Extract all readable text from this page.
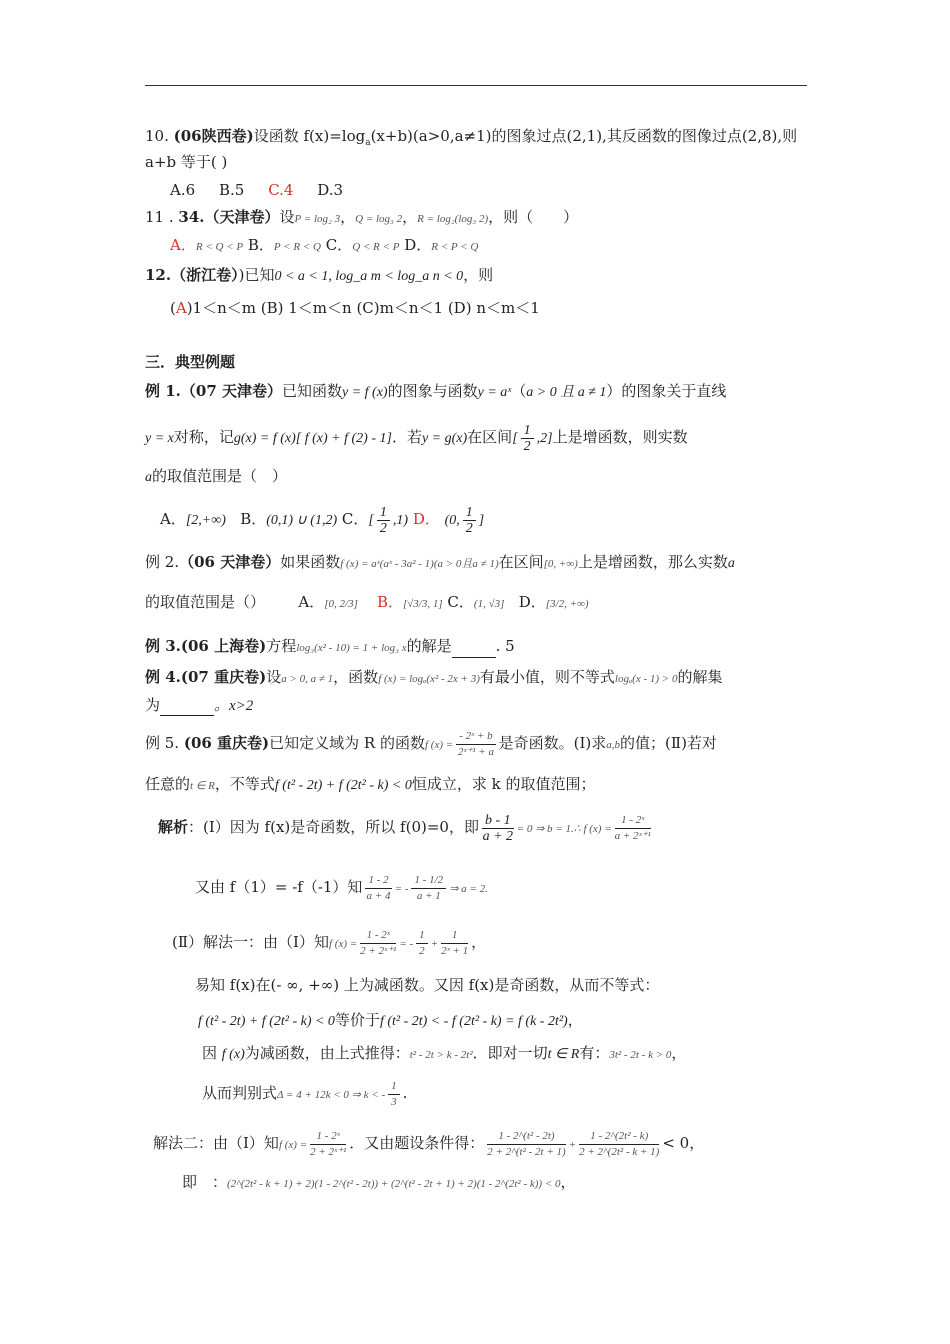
10. (06陕西卷)设函数 $f(x)=\log_a(x+b)(a>0,a\ne 1)$的图象过点(2,1),其反函数的图像过点(2,8),则
a+b 等于( )
A.6 B.5 C.4 D.3
11 . 34.（天津卷）设P = log₂ 3，Q = log₃ 2，R = log₂(log₃ 2)，则（　　）
A．R < Q < P B．P < R < Q C．Q < R < P D．R < P < Q
12.（浙江卷）)已知0 < a < 1, log_a m < log_a n < 0，则
(A)1＜n＜m (B) 1＜m＜n (C)m＜n＜1 (D) n＜m＜1
三．典型例题
例 1.（07 天津卷）已知函数y = f (x)的图象与函数y = aˣ（a > 0 且 a ≠ 1）的图象关于直线
y = x对称，记g(x) = f (x)[ f (x) + f (2) - 1]．若y = g(x)在区间[ $\frac{1}{2} ,2$]上是增函数，则实数
a的取值范围是（　）
A．[2,+∞) B．(0,1) ∪ (1,2) C．[ $\frac{1}{2} ,1$) D． (0, $\frac{1}{2}$ ]
例 2.（06 天津卷）如果函数f (x) = aˣ(aˣ - 3a² - 1)(a > 0且a ≠ 1)在区间[0, +∞)上是增函数，那么实数a
的取值范围是（） A．[0, 2/3] B．[√3/3, 1] C．(1, √3] D．[3/2, +∞)
例 3.(06 上海卷)方程log₃(x² - 10) = 1 + log₃ x的解是	. 5
例 4.(07 重庆卷)设a > 0, a ≠ 1，函数f (x) = logₐ(x² - 2x + 3)有最小值，则不等式logₐ(x - 1) > 0的解集
为	。x>2
例 5. (06 重庆卷)已知定义域为 R 的函数f $(x) = \frac{\text{- 2ˣ + b}}{\text{2ˣ⁺¹ + a}}$ 是奇函数。(Ⅰ)求a,b的值；(Ⅱ)若对
任意的t ∈ R，不等式f (t² - 2t) + f (2t² - k) < 0恒成立，求 k 的取值范围；
解析：(Ⅰ）因为 f(x)是奇函数，所以 f(0)=0，即 $\frac{b - 1}{a + 2} = 0$ ⇒ b = 1.∴ f $(x) = \frac{\text{1 - 2ˣ}}{\text{a + 2ˣ⁺¹}}$
又由 f（1）= -f（-1）知 $\frac{1 - 2}{a + 4}$ = - $\frac{1 - 1/2}{a + 1}$ ⇒ a = 2.
(Ⅱ）解法一：由（Ⅰ）知f $(x) = \frac{\text{1 - 2ˣ}}{\text{2 + 2ˣ⁺¹}}$ = - $\frac{1}{2} + \frac{1}{\text{2ˣ + 1}}$ ，
易知 f(x)在(- ∞, +∞) 上为减函数。又因 f(x)是奇函数，从而不等式：
f (t² - 2t) + f (2t² - k) < 0等价于f (t² - 2t) < - f (2t² - k) = f (k - 2t²)，
因 f (x)为减函数，由上式推得：t² - 2t > k - 2t²．即对一切t ∈ R有：3t² - 2t - k > 0，
从而判别式Δ = 4 + 12k < 0 ⇒ k < - $\frac{1}{3}$ .
解法二：由（Ⅰ）知f $(x) = \frac{\text{1 - 2ˣ}}{\text{2 + 2ˣ⁺¹}}$ ．又由题设条件得： $\frac{\text{1 - 2\textasciicircum{}(t² - 2t)}}{\text{2 + 2\textasciicircum{}(t² - 2t + 1)}} + \frac{\text{1 - 2\textasciicircum{}(2t² - k)}}{\text{2 + 2\textasciicircum{}(2t² - k + 1)}} < 0$，
即　：(2^(2t² - k + 1) + 2)(1 - 2^(t² - 2t)) + (2^(t² - 2t + 1) + 2)(1 - 2^(2t² - k)) < 0，
